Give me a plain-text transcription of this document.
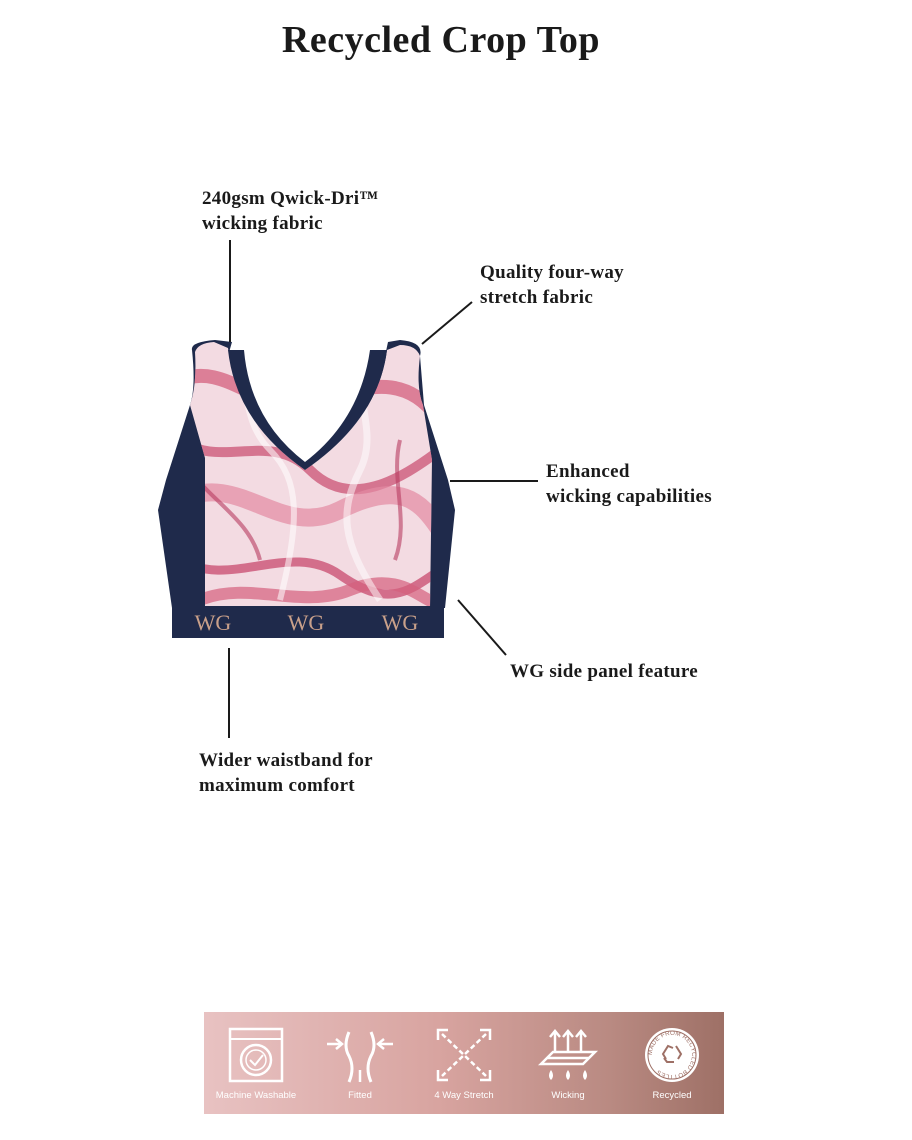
Recycled Crop Top
WG	WG	WG
240gsm Qwick-Dri™
wicking fabric
Quality four-way
stretch fabric
Enhanced
wicking capabilities
WG side panel feature
Wider waistband for
maximum comfort
Machine Washable	Fitted	4 Way Stretch	Wicking
MADE FROM RECYCLED BOTTLES
Recycled
